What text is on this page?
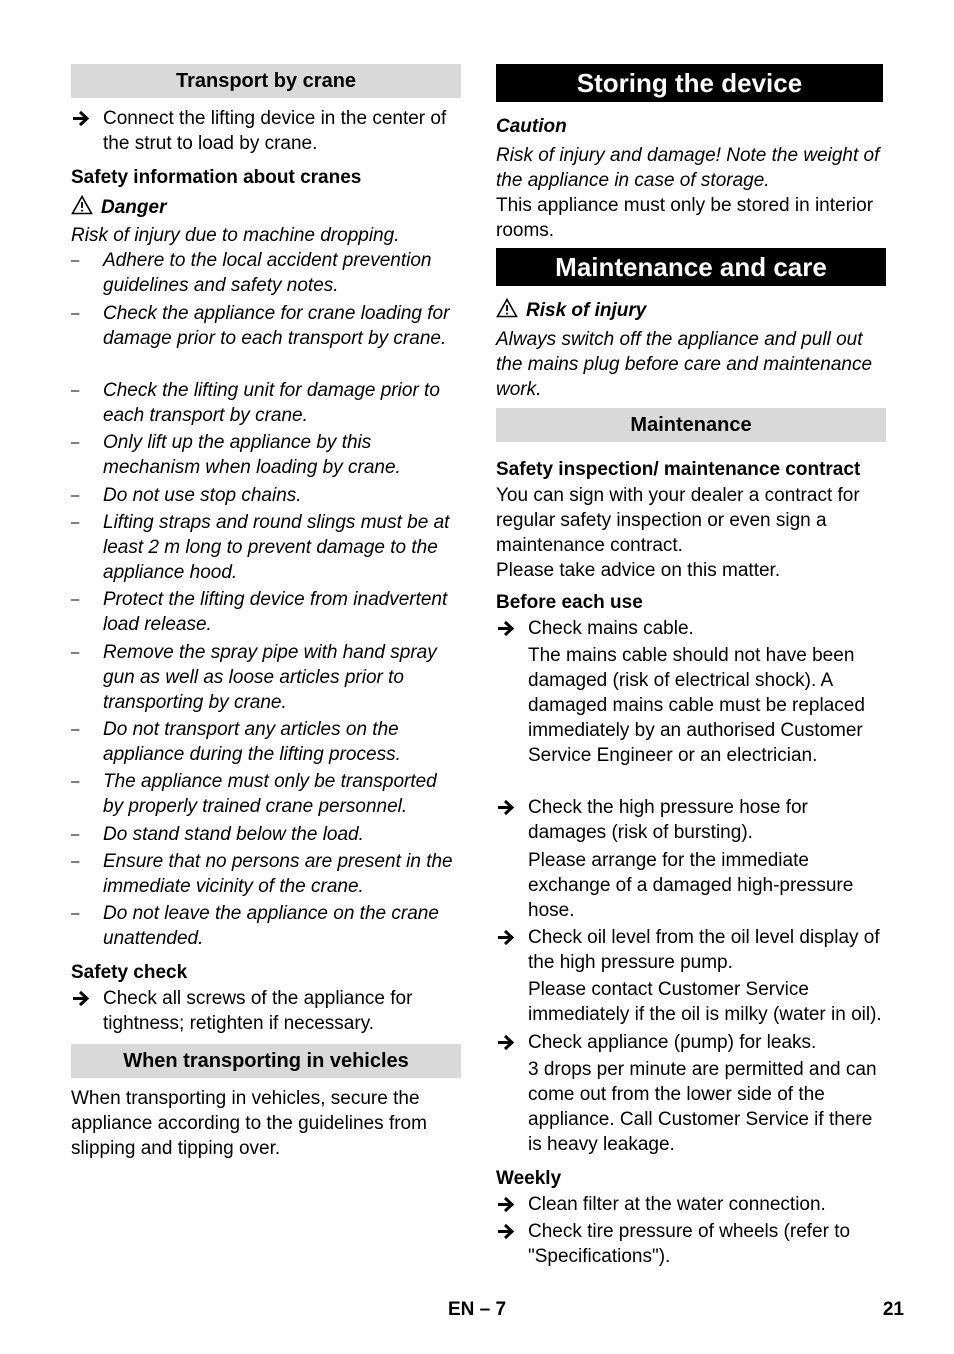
Transport by crane
Connect the lifting device in the center of the strut to load by crane.
Safety information about cranes
Danger
Risk of injury due to machine dropping.
– Adhere to the local accident prevention guidelines and safety notes.
– Check the appliance for crane loading for damage prior to each transport by crane.
– Check the lifting unit for damage prior to each transport by crane.
– Only lift up the appliance by this mechanism when loading by crane.
– Do not use stop chains.
– Lifting straps and round slings must be at least 2 m long to prevent damage to the appliance hood.
– Protect the lifting device from inadvertent load release.
– Remove the spray pipe with hand spray gun as well as loose articles prior to transporting by crane.
– Do not transport any articles on the appliance during the lifting process.
– The appliance must only be transported by properly trained crane personnel.
– Do stand stand below the load.
– Ensure that no persons are present in the immediate vicinity of the crane.
– Do not leave the appliance on the crane unattended.
Safety check
Check all screws of the appliance for tightness; retighten if necessary.
When transporting in vehicles
When transporting in vehicles, secure the appliance according to the guidelines from slipping and tipping over.
Storing the device
Caution
Risk of injury and damage! Note the weight of the appliance in case of storage.
This appliance must only be stored in interior rooms.
Maintenance and care
Risk of injury
Always switch off the appliance and pull out the mains plug before care and maintenance work.
Maintenance
Safety inspection/ maintenance contract
You can sign with your dealer a contract for regular safety inspection or even sign a maintenance contract.
Please take advice on this matter.
Before each use
Check mains cable.
The mains cable should not have been damaged (risk of electrical shock). A damaged mains cable must be replaced immediately by an authorised Customer Service Engineer or an electrician.
Check the high pressure hose for damages (risk of bursting).
Please arrange for the immediate exchange of a damaged high-pressure hose.
Check oil level from the oil level display of the high pressure pump.
Please contact Customer Service immediately if the oil is milky (water in oil).
Check appliance (pump) for leaks.
3 drops per minute are permitted and can come out from the lower side of the appliance. Call Customer Service if there is heavy leakage.
Weekly
Clean filter at the water connection.
Check tire pressure of wheels (refer to "Specifications").
EN – 7	21
